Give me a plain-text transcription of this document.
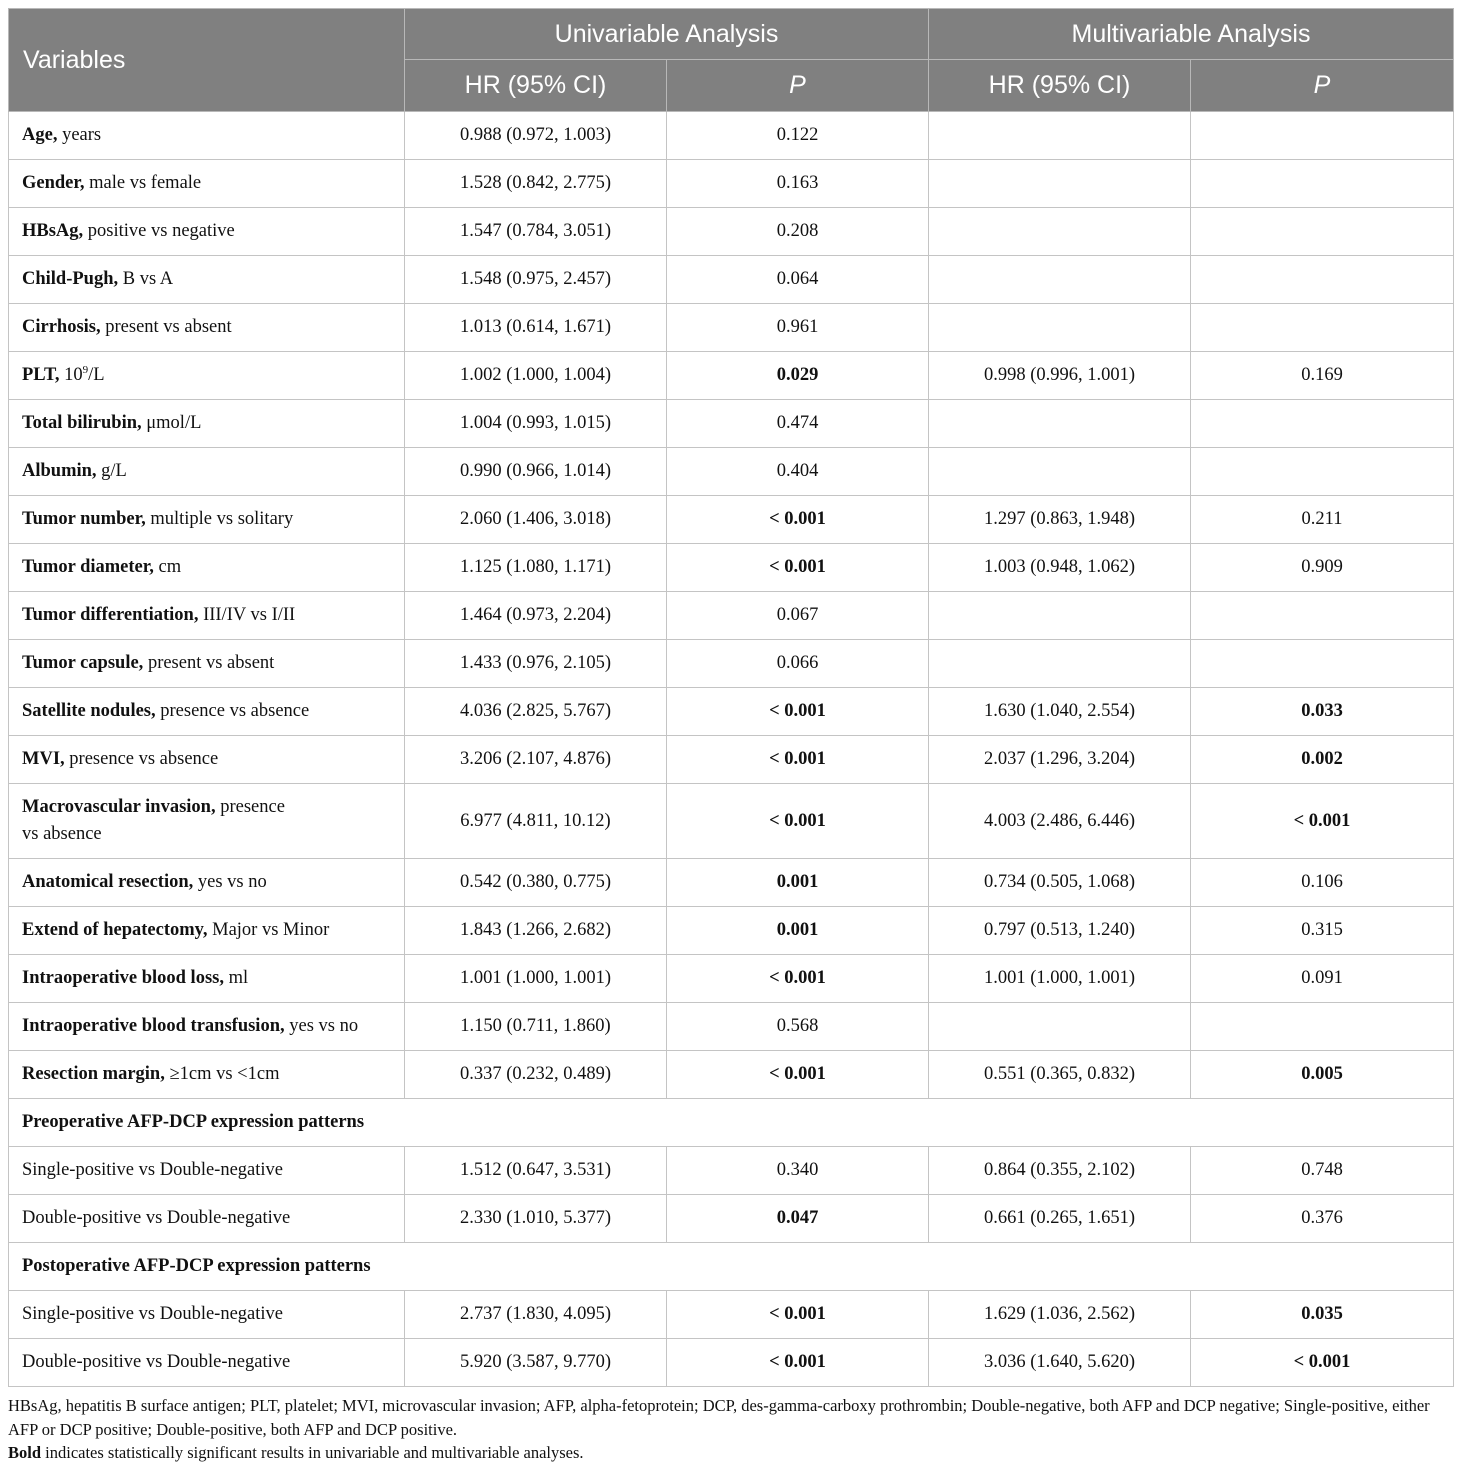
Variables	Univariable Analysis		Multivariable Analysis	
	HR (95% CI)	P	HR (95% CI)	P
Age, years	0.988 (0.972, 1.003)	0.122		
Gender, male vs female	1.528 (0.842, 2.775)	0.163		
HBsAg, positive vs negative	1.547 (0.784, 3.051)	0.208		
Child-Pugh, B vs A	1.548 (0.975, 2.457)	0.064		
Cirrhosis, present vs absent	1.013 (0.614, 1.671)	0.961		
PLT, $10^9/L$	1.002 (1.000, 1.004)	0.029	0.998 (0.996, 1.001)	0.169
Total bilirubin, μmol/L	1.004 (0.993, 1.015)	0.474		
Albumin, g/L	0.990 (0.966, 1.014)	0.404		
Tumor number, multiple vs solitary	2.060 (1.406, 3.018)	< 0.001	1.297 (0.863, 1.948)	0.211
Tumor diameter, cm	1.125 (1.080, 1.171)	< 0.001	1.003 (0.948, 1.062)	0.909
Tumor differentiation, III/IV vs I/II	1.464 (0.973, 2.204)	0.067		
Tumor capsule, present vs absent	1.433 (0.976, 2.105)	0.066		
Satellite nodules, presence vs absence	4.036 (2.825, 5.767)	< 0.001	1.630 (1.040, 2.554)	0.033
MVI, presence vs absence	3.206 (2.107, 4.876)	< 0.001	2.037 (1.296, 3.204)	0.002
Macrovascular invasion, presence
vs absence	6.977 (4.811, 10.12)	< 0.001	4.003 (2.486, 6.446)	< 0.001
Anatomical resection, yes vs no	0.542 (0.380, 0.775)	0.001	0.734 (0.505, 1.068)	0.106
Extend of hepatectomy, Major vs Minor	1.843 (1.266, 2.682)	0.001	0.797 (0.513, 1.240)	0.315
Intraoperative blood loss, ml	1.001 (1.000, 1.001)	< 0.001	1.001 (1.000, 1.001)	0.091
Intraoperative blood transfusion, yes vs no	1.150 (0.711, 1.860)	0.568		
Resection margin, ≥1cm vs <1cm	0.337 (0.232, 0.489)	< 0.001	0.551 (0.365, 0.832)	0.005
Preoperative AFP-DCP expression patterns				
Single-positive vs Double-negative	1.512 (0.647, 3.531)	0.340	0.864 (0.355, 2.102)	0.748
Double-positive vs Double-negative	2.330 (1.010, 5.377)	0.047	0.661 (0.265, 1.651)	0.376
Postoperative AFP-DCP expression patterns				
Single-positive vs Double-negative	2.737 (1.830, 4.095)	< 0.001	1.629 (1.036, 2.562)	0.035
Double-positive vs Double-negative	5.920 (3.587, 9.770)	< 0.001	3.036 (1.640, 5.620)	< 0.001

HBsAg, hepatitis B surface antigen; PLT, platelet; MVI, microvascular invasion; AFP, alpha-fetoprotein; DCP, des-gamma-carboxy prothrombin; Double-negative, both AFP and DCP negative; Single-positive, either AFP or DCP positive; Double-positive, both AFP and DCP positive.

Bold indicates statistically significant results in univariable and multivariable analyses.
